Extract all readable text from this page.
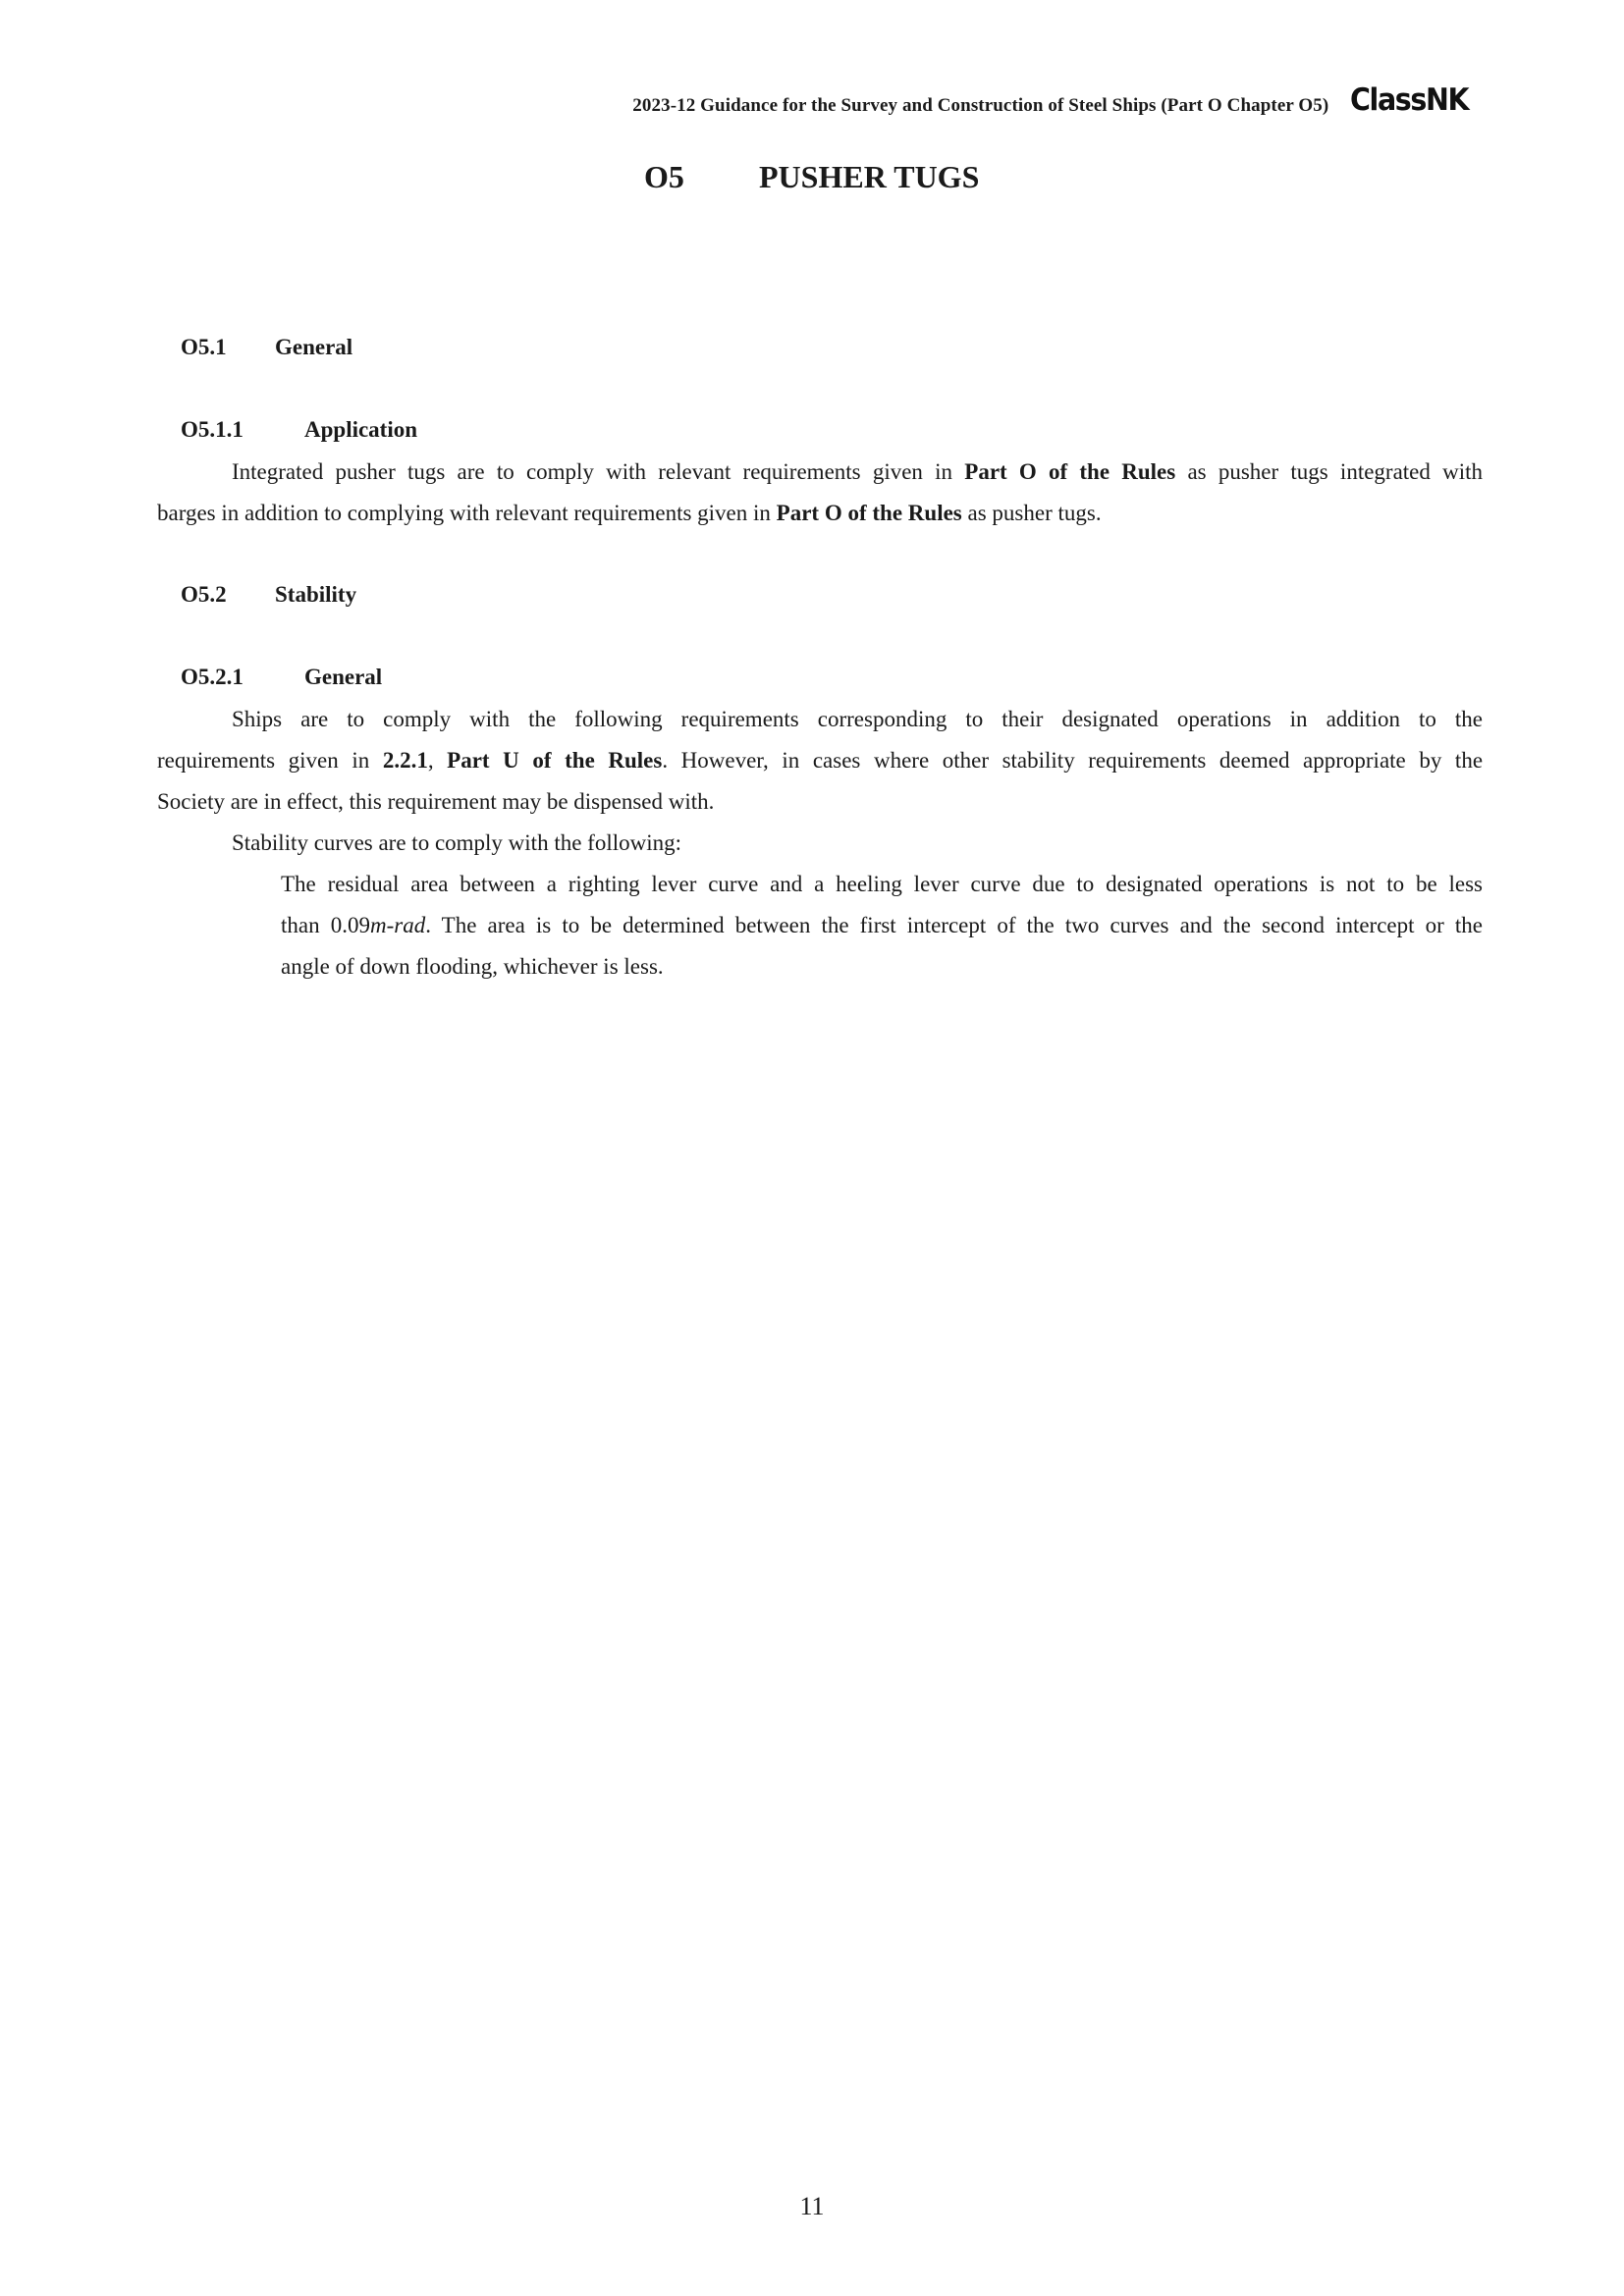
2023-12 Guidance for the Survey and Construction of Steel Ships (Part O Chapter O5) ClassNK
O5 PUSHER TUGS
O5.1 General
O5.1.1	Application
Integrated pusher tugs are to comply with relevant requirements given in Part O of the Rules as pusher tugs integrated with
barges in addition to complying with relevant requirements given in Part O of the Rules as pusher tugs.
O5.2 Stability
O5.2.1	General
Ships are to comply with the following requirements corresponding to their designated operations in addition to the
requirements given in 2.2.1, Part U of the Rules. However, in cases where other stability requirements deemed appropriate by the
Society are in effect, this requirement may be dispensed with.
Stability curves are to comply with the following:
The residual area between a righting lever curve and a heeling lever curve due to designated operations is not to be less
than 0.09m-rad. The area is to be determined between the first intercept of the two curves and the second intercept or the
angle of down flooding, whichever is less.
11
